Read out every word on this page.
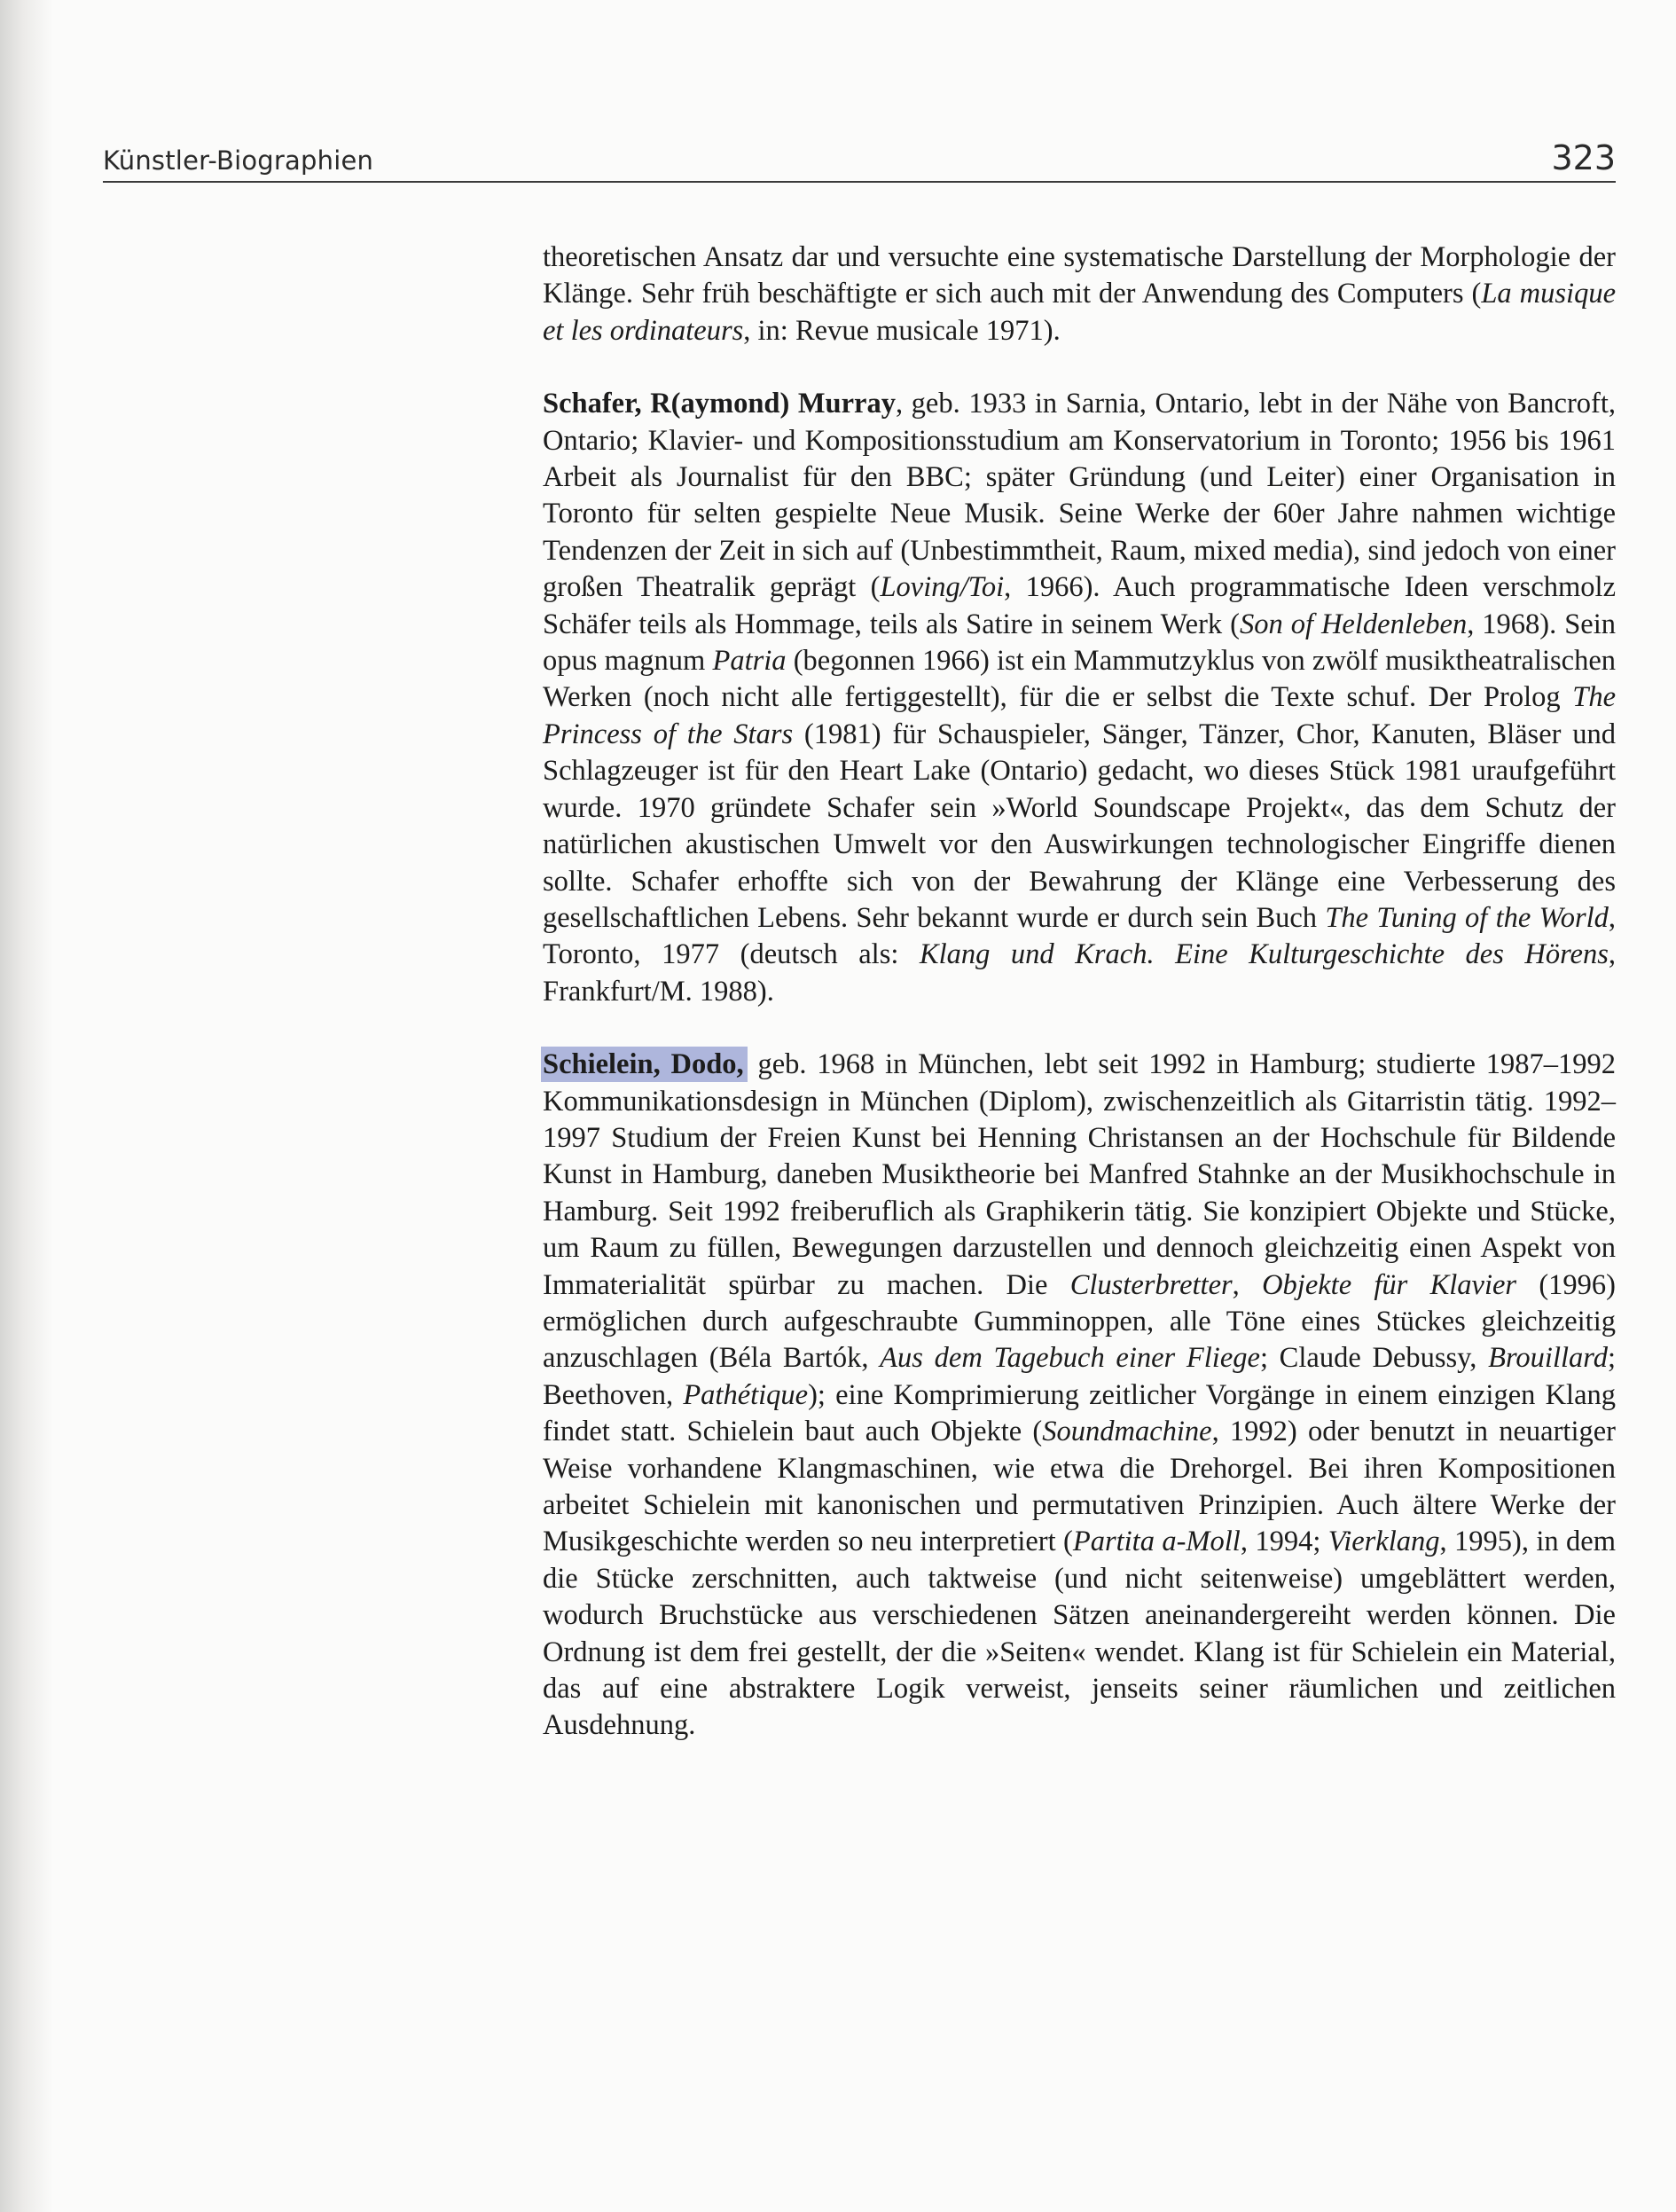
Künstler-Biographien	323

theoretischen Ansatz dar und versuchte eine systematische Darstellung der Morphologie der Klänge. Sehr früh beschäftigte er sich auch mit der Anwendung des Computers (La musique et les ordinateurs, in: Revue musicale 1971).

Schafer, R(aymond) Murray, geb. 1933 in Sarnia, Ontario, lebt in der Nähe von Bancroft, Ontario; Klavier- und Kompositionsstudium am Konservatorium in Toronto; 1956 bis 1961 Arbeit als Journalist für den BBC; später Gründung (und Leiter) einer Organisation in Toronto für selten gespielte Neue Musik. Seine Werke der 60er Jahre nahmen wichtige Tendenzen der Zeit in sich auf (Unbestimmtheit, Raum, mixed media), sind jedoch von einer großen Theatralik geprägt (Loving/Toi, 1966). Auch programmatische Ideen verschmolz Schäfer teils als Hommage, teils als Satire in seinem Werk (Son of Heldenleben, 1968). Sein opus magnum Patria (begonnen 1966) ist ein Mammutzyklus von zwölf musiktheatralischen Werken (noch nicht alle fertiggestellt), für die er selbst die Texte schuf. Der Prolog The Princess of the Stars (1981) für Schauspieler, Sänger, Tänzer, Chor, Kanuten, Bläser und Schlagzeuger ist für den Heart Lake (Ontario) gedacht, wo dieses Stück 1981 uraufgeführt wurde. 1970 gründete Schafer sein »World Soundscape Projekt«, das dem Schutz der natürlichen akustischen Umwelt vor den Auswirkungen technologischer Eingriffe dienen sollte. Schafer erhoffte sich von der Bewahrung der Klänge eine Verbesserung des gesellschaftlichen Lebens. Sehr bekannt wurde er durch sein Buch The Tuning of the World, Toronto, 1977 (deutsch als: Klang und Krach. Eine Kulturgeschichte des Hörens, Frankfurt/M. 1988).

Schielein, Dodo, geb. 1968 in München, lebt seit 1992 in Hamburg; studierte 1987–1992 Kommunikationsdesign in München (Diplom), zwischenzeitlich als Gitarristin tätig. 1992–1997 Studium der Freien Kunst bei Henning Christansen an der Hochschule für Bildende Kunst in Hamburg, daneben Musiktheorie bei Manfred Stahnke an der Musikhochschule in Hamburg. Seit 1992 freiberuflich als Graphikerin tätig. Sie konzipiert Objekte und Stücke, um Raum zu füllen, Bewegungen darzustellen und dennoch gleichzeitig einen Aspekt von Immaterialität spürbar zu machen. Die Clusterbretter, Objekte für Klavier (1996) ermöglichen durch aufgeschraubte Gumminoppen, alle Töne eines Stückes gleichzeitig anzuschlagen (Béla Bartók, Aus dem Tagebuch einer Fliege; Claude Debussy, Brouillard; Beethoven, Pathétique); eine Komprimierung zeitlicher Vorgänge in einem einzigen Klang findet statt. Schielein baut auch Objekte (Soundmachine, 1992) oder benutzt in neuartiger Weise vorhandene Klangmaschinen, wie etwa die Drehorgel. Bei ihren Kompositionen arbeitet Schielein mit kanonischen und permutativen Prinzipien. Auch ältere Werke der Musikgeschichte werden so neu interpretiert (Partita a-Moll, 1994; Vierklang, 1995), in dem die Stücke zerschnitten, auch taktweise (und nicht seitenweise) umgeblättert werden, wodurch Bruchstücke aus verschiedenen Sätzen aneinandergereiht werden können. Die Ordnung ist dem frei gestellt, der die »Seiten« wendet. Klang ist für Schielein ein Material, das auf eine abstraktere Logik verweist, jenseits seiner räumlichen und zeitlichen Ausdehnung.
